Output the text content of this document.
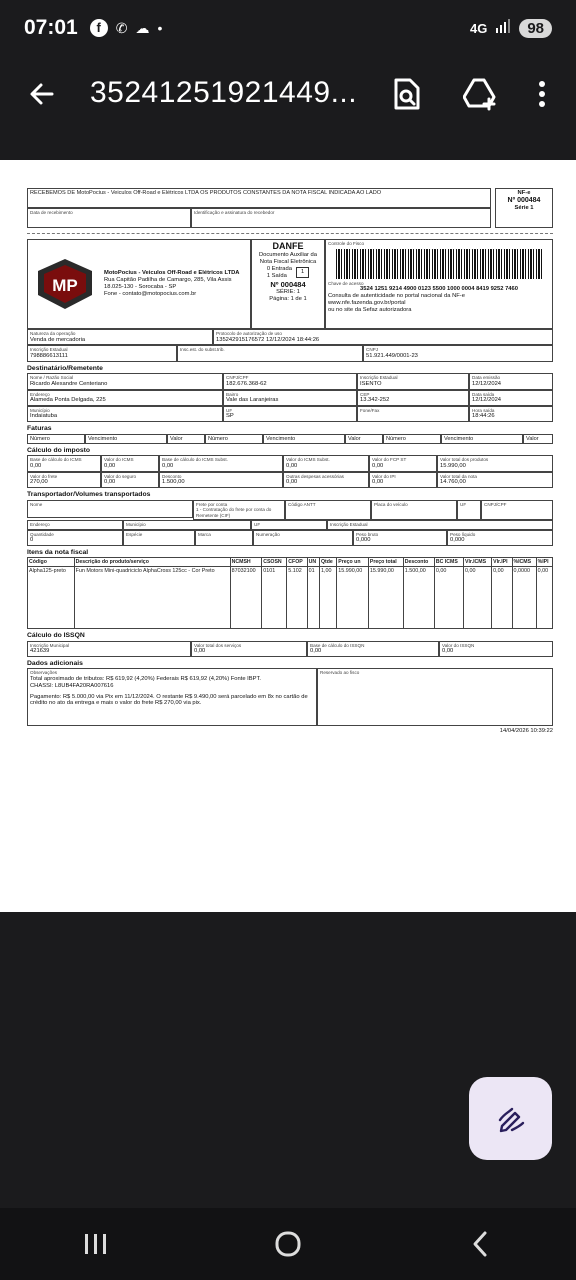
07:01	f	✆ ☁ •	4G	98
35241251921449...
RECEBEMOS DE MotoPocius - Veiculos Off-Road e Elétricos LTDA OS PRODUTOS CONSTANTES DA NOTA FISCAL INDICADA AO LADO
Data de recebimento	Identificação e assinatura do recebedor
NF-e
Nº 000484
Série 1
MP
MotoPocius - Veiculos Off-Road e Elétricos LTDA
Rua Capitão Padilha de Camargo, 285, Vila Assis
18.025-130 - Sorocaba - SP
Fone - contato@motopocius.com.br
DANFE
Documento Auxiliar da Nota Fiscal Eletrônica
0 Entrada
1 Saída
1
Nº 000484
SÉRIE: 1
Página: 1 de 1
Controle do Fisco
Chave de acesso
3524 1251 9214 4900 0123 5500 1000 0004 8419 9252 7460
Consulta de autenticidade no portal nacional da NF-e
www.nfe.fazenda.gov.br/portal
ou no site da Sefaz autorizadora
Natureza da operação
Venda de mercadoria
Protocolo de autorização de uso
135242915176572 12/12/2024 18:44:26
Inscrição Estadual
798886613111
Insc.est. do subst.trib.	CNPJ
51.921.449/0001-23
Destinatário/Remetente
Nome / Razão Social
Ricardo Alexandre Centeriano
CNPJ/CPF
182.676.368-62
Inscrição Estadual
ISENTO
Data emissão
12/12/2024
Endereço
Alameda Ponta Delgada, 225
Bairro
Vale das Laranjeiras
CEP
13.342-252
Data saída
12/12/2024
Município
Indaiatuba
UF
SP
Fone/Fax
	Hora saída
18:44:26
Faturas
Número	Vencimento	Valor	Número	Vencimento	Valor	Número	Vencimento	Valor
Cálculo do imposto
Base de cálculo do ICMS
0,00
Valor do ICMS
0,00
Base de cálculo do ICMS Subst.
0,00
Valor do ICMS Subst.
0,00
Valor do FCP ST
0,00
Valor total dos produtos
15.990,00
Valor do frete
270,00
Valor do seguro
0,00
Desconto
1.500,00
Outras despesas acessórias
0,00
Valor do IPI
0,00
Valor total da nota
14.760,00
Transportador/Volumes transportados
Nome	Frete por conta
1 - Contratação do frete por conta do Remetente (CIF)
Código ANTT	Placa do veículo	UF	CNPJ/CPF
Endereço	Município	UF	Inscrição Estadual
Quantidade
0
Espécie	Marca	Numeração	Peso bruto
0,000
Peso líquido
0,000
Itens da nota fiscal
Código	Descrição do produto/serviço	NCMSH	CSOSN	CFOP	UN	Qtde	Preço un	Preço total	Desconto	BC ICMS	Vlr.ICMS	Vlr.IPI	%ICMS	%IPI
Alpha125-preto	Fun Motors Mini-quadriciclo AlphaCross 125cc - Cor Preto	87032100	0101	5.102	01	1,00	15.990,00	15.990,00	1.500,00	0,00	0,00	0,00	0,0000	0,00
Cálculo do ISSQN
Inscrição Municipal
421639
Valor total dos serviços
0,00
Base de cálculo do ISSQN
0,00
Valor do ISSQN
0,00
Dados adicionais
Observações
Total aproximado de tributos: R$ 619,92 (4,20%) Federais R$ 619,92 (4,20%) Fonte IBPT.
CHASSI: L8UB4FA20RA007616
Pagamento: R$ 5.000,00 via Pix em 11/12/2024. O restante R$ 9.490,00 será parcelado em 8x no cartão de crédito no ato da entrega e mais o valor do frete R$ 270,00 via pix.
Reservado ao fisco
14/04/2026 10:39:22
